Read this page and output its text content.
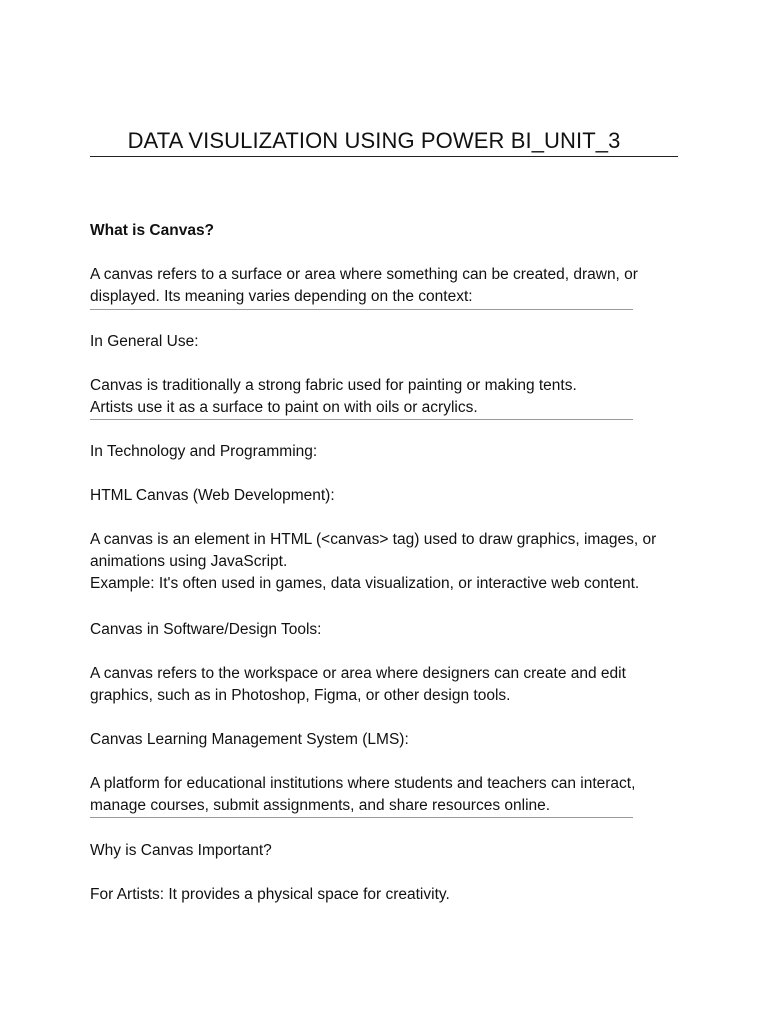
DATA VISULIZATION USING POWER BI_UNIT_3
What is Canvas?
A canvas refers to a surface or area where something can be created, drawn, or
displayed. Its meaning varies depending on the context:
In General Use:
Canvas is traditionally a strong fabric used for painting or making tents.
Artists use it as a surface to paint on with oils or acrylics.
In Technology and Programming:
HTML Canvas (Web Development):
A canvas is an element in HTML (<canvas> tag) used to draw graphics, images, or
animations using JavaScript.
Example: It's often used in games, data visualization, or interactive web content.
Canvas in Software/Design Tools:
A canvas refers to the workspace or area where designers can create and edit
graphics, such as in Photoshop, Figma, or other design tools.
Canvas Learning Management System (LMS):
A platform for educational institutions where students and teachers can interact,
manage courses, submit assignments, and share resources online.
Why is Canvas Important?
For Artists: It provides a physical space for creativity.
